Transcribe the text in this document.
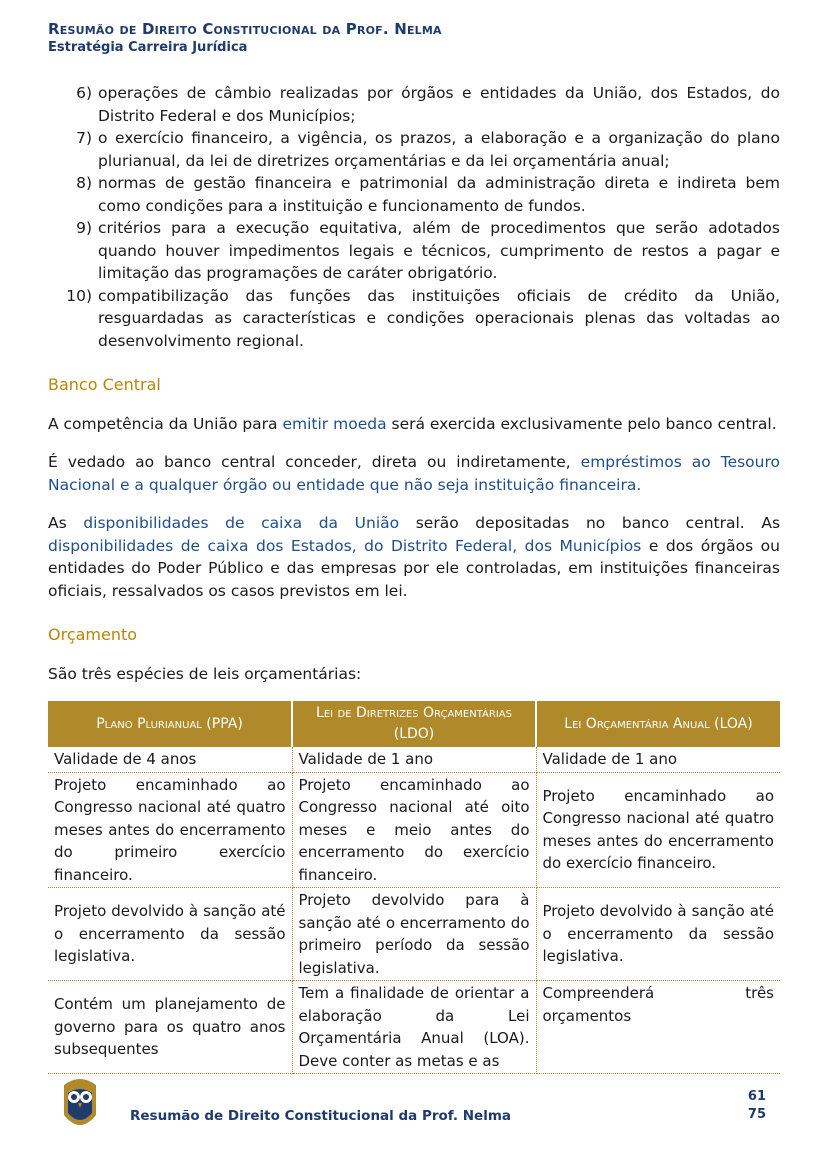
Resumão de Direito Constitucional da Prof. Nelma
Estratégia Carreira Jurídica
6) operações de câmbio realizadas por órgãos e entidades da União, dos Estados, do Distrito Federal e dos Municípios;
7) o exercício financeiro, a vigência, os prazos, a elaboração e a organização do plano plurianual, da lei de diretrizes orçamentárias e da lei orçamentária anual;
8) normas de gestão financeira e patrimonial da administração direta e indireta bem como condições para a instituição e funcionamento de fundos.
9) critérios para a execução equitativa, além de procedimentos que serão adotados quando houver impedimentos legais e técnicos, cumprimento de restos a pagar e limitação das programações de caráter obrigatório.
10) compatibilização das funções das instituições oficiais de crédito da União, resguardadas as características e condições operacionais plenas das voltadas ao desenvolvimento regional.
Banco Central

A competência da União para emitir moeda será exercida exclusivamente pelo banco central.

É vedado ao banco central conceder, direta ou indiretamente, empréstimos ao Tesouro Nacional e a qualquer órgão ou entidade que não seja instituição financeira.

As disponibilidades de caixa da União serão depositadas no banco central. As disponibilidades de caixa dos Estados, do Distrito Federal, dos Municípios e dos órgãos ou entidades do Poder Público e das empresas por ele controladas, em instituições financeiras oficiais, ressalvados os casos previstos em lei.

Orçamento

São três espécies de leis orçamentárias:

Plano Plurianual (PPA)	Lei de Diretrizes Orçamentárias (LDO)	Lei Orçamentária Anual (LOA)
Validade de 4 anos	Validade de 1 ano	Validade de 1 ano
Projeto encaminhado ao Congresso nacional até quatro meses antes do encerramento do primeiro exercício financeiro.	Projeto encaminhado ao Congresso nacional até oito meses e meio antes do encerramento do exercício financeiro.	Projeto encaminhado ao Congresso nacional até quatro meses antes do encerramento do exercício financeiro.
Projeto devolvido à sanção até o encerramento da sessão legislativa.	Projeto devolvido para à sanção até o encerramento do primeiro período da sessão legislativa.	Projeto devolvido à sanção até o encerramento da sessão legislativa.
Contém um planejamento de governo para os quatro anos subsequentes	Tem a finalidade de orientar a elaboração da Lei Orçamentária Anual (LOA). Deve conter as metas e as	Compreenderá três orçamentos
Resumão de Direito Constitucional da Prof. Nelma
61
75
